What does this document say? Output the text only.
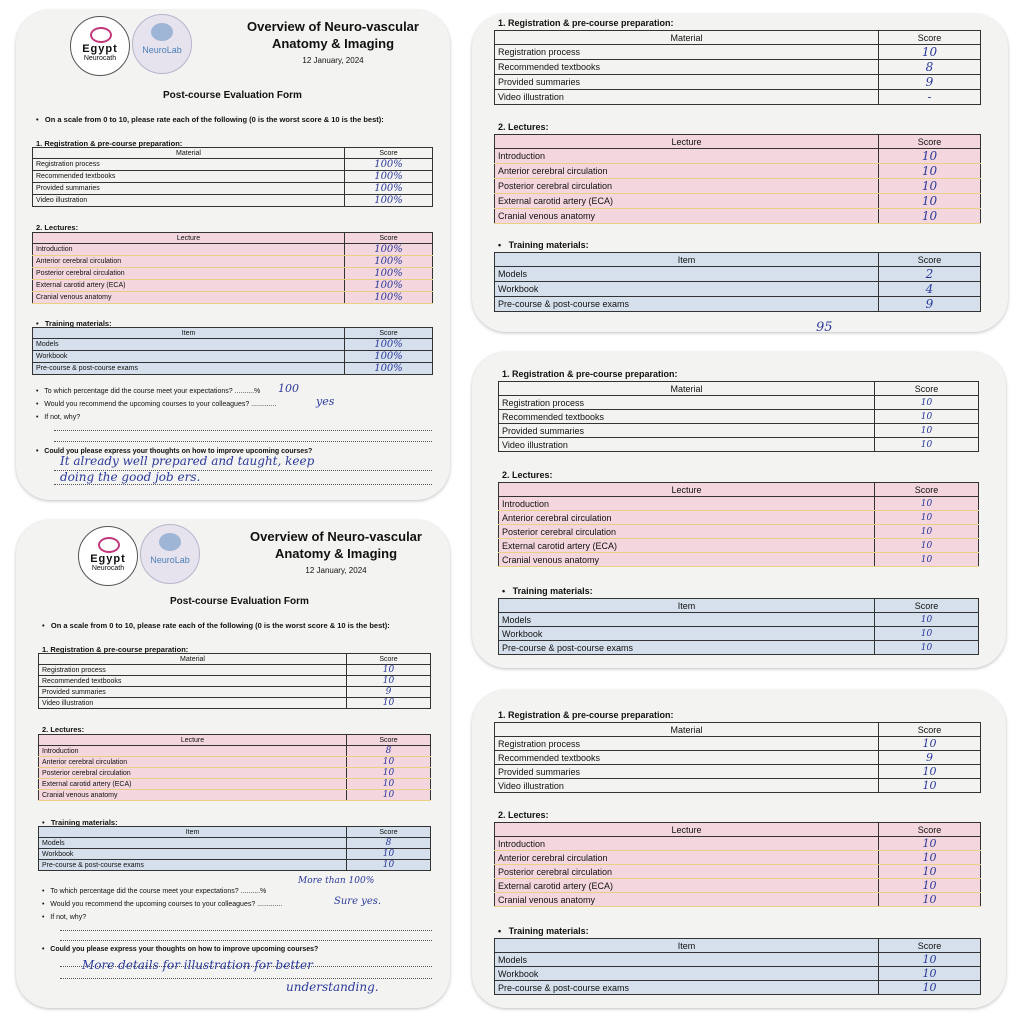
Egypt
Neurocath
NeuroLab
Overview of Neuro-vascular
Anatomy & Imaging
12 January, 2024
Post-course Evaluation Form
•   On a scale from 0 to 10, please rate each of the following (0 is the worst score & 10 is the best):
1. Registration & pre-course preparation:
Material	Score
Registration process	100%
Recommended textbooks	100%
Provided summaries	100%
Video illustration	100%
2. Lectures:
Lecture	Score
Introduction	100%
Anterior cerebral circulation	100%
Posterior cerebral circulation	100%
External carotid artery (ECA)	100%
Cranial venous anatomy	100%
•   Training materials:
Item	Score
Models	100%
Workbook	100%
Pre-course & post-course exams	100%
•   To which percentage did the course meet your expectations? ..........% 100
•   Would you recommend the upcoming courses to your colleagues? .............	yes
•   If not, why?
•   Could you please express your thoughts on how to improve upcoming courses?
It already well prepared and taught, keep
doing the good job ers.
1. Registration & pre-course preparation:
Material	Score
Registration process	10
Recommended textbooks	8
Provided summaries	9
Video illustration	-
2. Lectures:
Lecture	Score
Introduction	10
Anterior cerebral circulation	10
Posterior cerebral circulation	10
External carotid artery (ECA)	10
Cranial venous anatomy	10
•   Training materials:
Item	Score
Models	2
Workbook	4
Pre-course & post-course exams	9
95
1. Registration & pre-course preparation:
Material	Score
Registration process	10
Recommended textbooks	10
Provided summaries	10
Video illustration	10
2. Lectures:
Lecture	Score
Introduction	10
Anterior cerebral circulation	10
Posterior cerebral circulation	10
External carotid artery (ECA)	10
Cranial venous anatomy	10
•   Training materials:
Item	Score
Models	10
Workbook	10
Pre-course & post-course exams	10
Egypt
Neurocath
NeuroLab
Overview of Neuro-vascular
Anatomy & Imaging
12 January, 2024
Post-course Evaluation Form
•   On a scale from 0 to 10, please rate each of the following (0 is the worst score & 10 is the best):
1. Registration & pre-course preparation:
Material	Score
Registration process	10
Recommended textbooks	10
Provided summaries	9
Video illustration	10
2. Lectures:
Lecture	Score
Introduction	8
Anterior cerebral circulation	10
Posterior cerebral circulation	10
External carotid artery (ECA)	10
Cranial venous anatomy	10
•   Training materials:
Item	Score
Models	8
Workbook	10
Pre-course & post-course exams	10
•   To which percentage did the course meet your expectations? ..........%
More than 100%
•   Would you recommend the upcoming courses to your colleagues? .............	Sure yes.
•   If not, why?
•   Could you please express your thoughts on how to improve upcoming courses?
More details for illustration for better
understanding.
1. Registration & pre-course preparation:
Material	Score
Registration process	10
Recommended textbooks	9
Provided summaries	10
Video illustration	10
2. Lectures:
Lecture	Score
Introduction	10
Anterior cerebral circulation	10
Posterior cerebral circulation	10
External carotid artery (ECA)	10
Cranial venous anatomy	10
•   Training materials:
Item	Score
Models	10
Workbook	10
Pre-course & post-course exams	10
